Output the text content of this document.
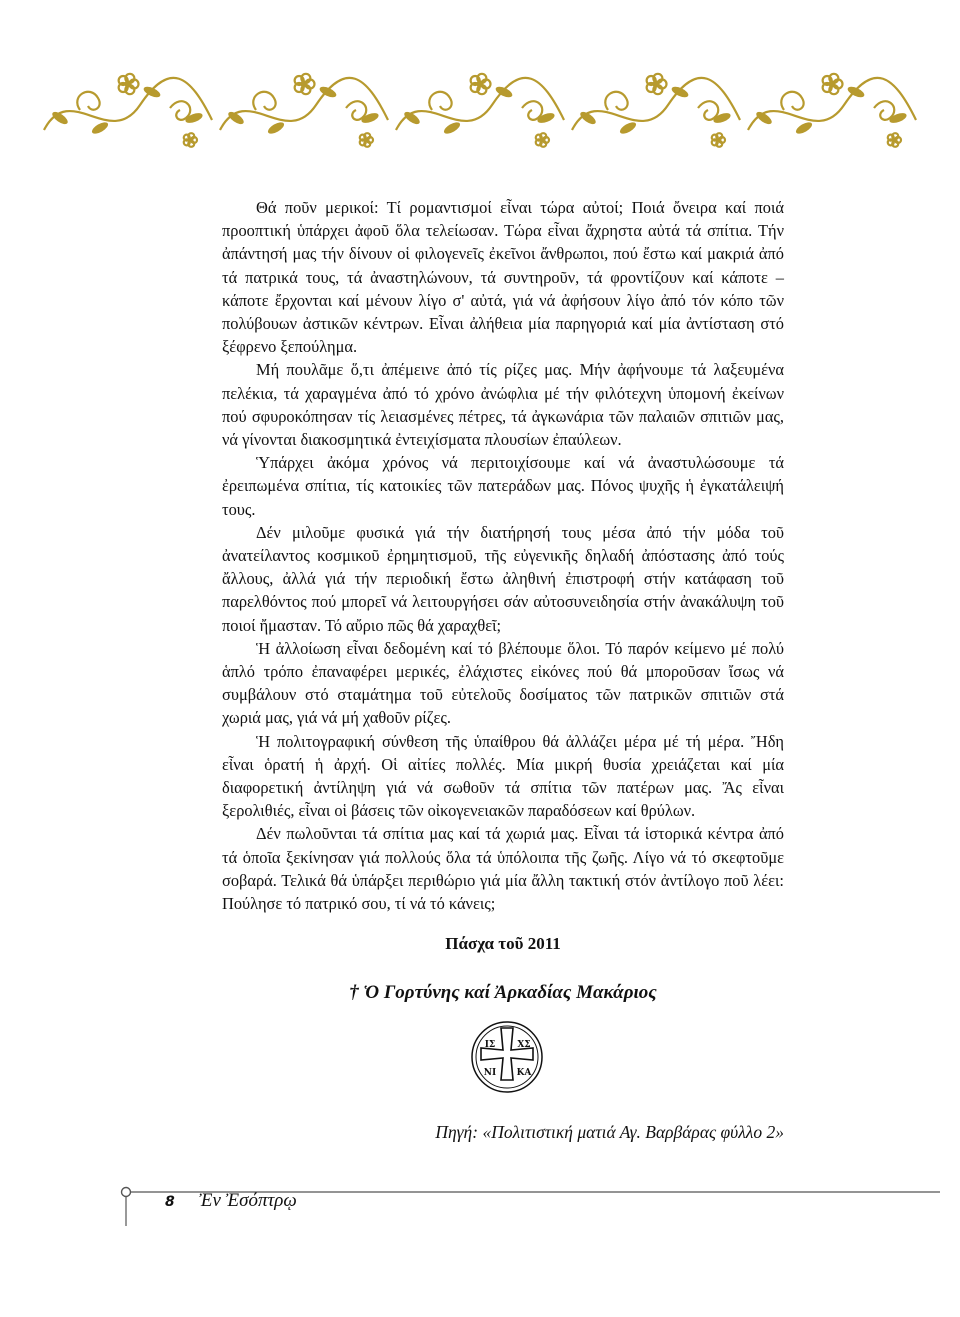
Θά ποῦν μερικοί: Τί ρομαντισμοί εἶναι τώρα αὐτοί; Ποιά ὄνειρα καί ποιά προοπτική ὑπάρχει ἀφοῦ ὅλα τελείωσαν. Τώρα εἶναι ἄχρηστα αὐτά τά σπίτια. Τήν ἀπάντησή μας τήν δίνουν οἱ φιλογενεῖς ἐκεῖνοι ἄνθρωποι, πού ἔστω καί μακριά ἀπό τά πατρικά τους, τά ἀναστηλώνουν, τά συντηροῦν, τά φροντίζουν καί κάποτε – κάποτε ἔρχονται καί μένουν λίγο σ' αὐτά, γιά νά ἀφήσουν λίγο ἀπό τόν κόπο τῶν πολύβουων ἀστικῶν κέντρων. Εἶναι ἀλήθεια μία παρηγοριά καί μία ἀντίσταση στό ξέφρενο ξεπούλημα.

Μή πουλᾶμε ὅ,τι ἀπέμεινε ἀπό τίς ρίζες μας. Μήν ἀφήνουμε τά λαξευμένα πελέκια, τά χαραγμένα ἀπό τό χρόνο ἀνώφλια μέ τήν φιλότεχνη ὑπομονή ἐκείνων πού σφυροκόπησαν τίς λειασμένες πέτρες, τά ἀγκωνάρια τῶν παλαιῶν σπιτιῶν μας, νά γίνονται διακοσμητικά ἐντειχίσματα πλουσίων ἐπαύλεων.

Ὑπάρχει ἀκόμα χρόνος νά περιτοιχίσουμε καί νά ἀναστυλώσουμε τά ἐρειπωμένα σπίτια, τίς κατοικίες τῶν πατεράδων μας. Πόνος ψυχῆς ἡ ἐγκατάλειψή τους.

Δέν μιλοῦμε φυσικά γιά τήν διατήρησή τους μέσα ἀπό τήν μόδα τοῦ ἀνατείλαντος κοσμικοῦ ἐρημητισμοῦ, τῆς εὐγενικῆς δηλαδή ἀπόστασης ἀπό τούς ἄλλους, ἀλλά γιά τήν περιοδική ἔστω ἀληθινή ἐπιστροφή στήν κατάφαση τοῦ παρελθόντος πού μπορεῖ νά λειτουργήσει σάν αὐτοσυνειδησία στήν ἀνακάλυψη τοῦ ποιοί ἤμασταν. Τό αὔριο πῶς θά χαραχθεῖ;

Ἡ ἀλλοίωση εἶναι δεδομένη καί τό βλέπουμε ὅλοι. Τό παρόν κείμενο μέ πολύ ἁπλό τρόπο ἐπαναφέρει μερικές, ἐλάχιστες εἰκόνες πού θά μποροῦσαν ἴσως νά συμβάλουν στό σταμάτημα τοῦ εὐτελοῦς δοσίματος τῶν πατρικῶν σπιτιῶν στά χωριά μας, γιά νά μή χαθοῦν ρίζες.

Ἡ πολιτογραφική σύνθεση τῆς ὑπαίθρου θά ἀλλάζει μέρα μέ τή μέρα. Ἤδη εἶναι ὁρατή ἡ ἀρχή. Οἱ αἰτίες πολλές. Μία μικρή θυσία χρειάζεται καί μία διαφορετική ἀντίληψη γιά νά σωθοῦν τά σπίτια τῶν πατέρων μας. Ἄς εἶναι ξερολιθιές, εἶναι οἱ βάσεις τῶν οἰκογενειακῶν παραδόσεων καί θρύλων.

Δέν πωλοῦνται τά σπίτια μας καί τά χωριά μας. Εἶναι τά ἱστορικά κέντρα ἀπό τά ὁποῖα ξεκίνησαν γιά πολλούς ὅλα τά ὑπόλοιπα τῆς ζωῆς. Λίγο νά τό σκεφτοῦμε σοβαρά. Τελικά θά ὑπάρξει περιθώριο γιά μία ἄλλη τακτική στόν ἀντίλογο ποῦ λέει: Πούλησε τό πατρικό σου, τί νά τό κάνεις;

Πάσχα τοῦ 2011
† Ὁ Γορτύνης καί Ἀρκαδίας Μακάριος
ΙΣ ΧΣ
ΝΙ ΚΑ
Πηγή: «Πολιτιστική ματιά Αγ. Βαρβάρας φύλλο 2»
8 Ἐν Ἐσόπτρῳ
